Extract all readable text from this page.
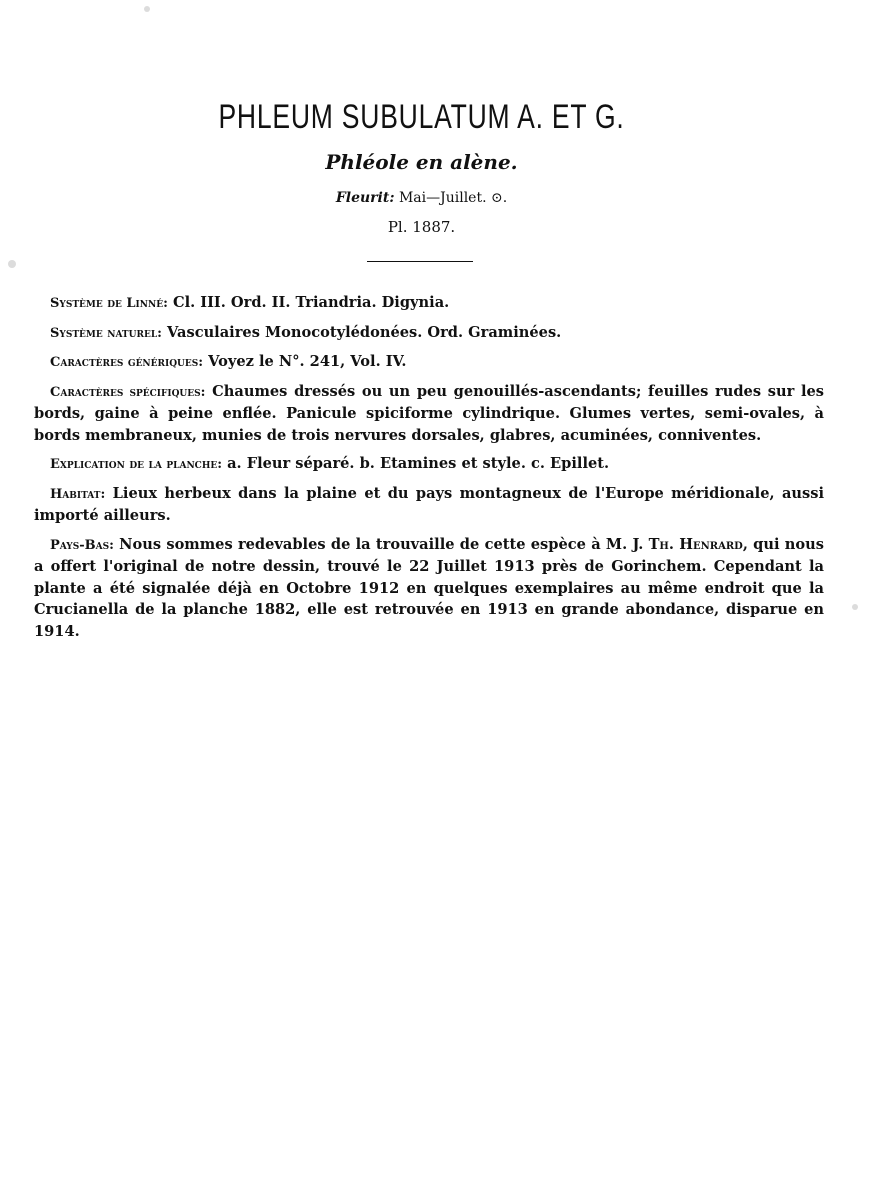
PHLEUM SUBULATUM A. ET G.
Phléole en alène.

Fleurit: Mai—Juillet. ⊙.

Pl. 1887.

Système de Linné: Cl. III. Ord. II. Triandria. Digynia.

Système naturel: Vasculaires Monocotylédonées. Ord. Graminées.

Caractères génériques: Voyez le N°. 241, Vol. IV.

Caractères spécifiques: Chaumes dressés ou un peu genouillés-ascendants; feuilles rudes sur les bords, gaine à peine enflée. Panicule spiciforme cylindrique. Glumes vertes, semi-ovales, à bords membraneux, munies de trois nervures dorsales, glabres, acuminées, conniventes.

Explication de la planche: a. Fleur séparé. b. Etamines et style. c. Epillet.

Habitat: Lieux herbeux dans la plaine et du pays montagneux de l'Europe méridionale, aussi importé ailleurs.

Pays-Bas: Nous sommes redevables de la trouvaille de cette espèce à M. J. Th. Henrard, qui nous a offert l'original de notre dessin, trouvé le 22 Juillet 1913 près de Gorinchem. Cependant la plante a été signalée déjà en Octobre 1912 en quelques exemplaires au même endroit que la Crucianella de la planche 1882, elle est retrouvée en 1913 en grande abondance, disparue en 1914.
